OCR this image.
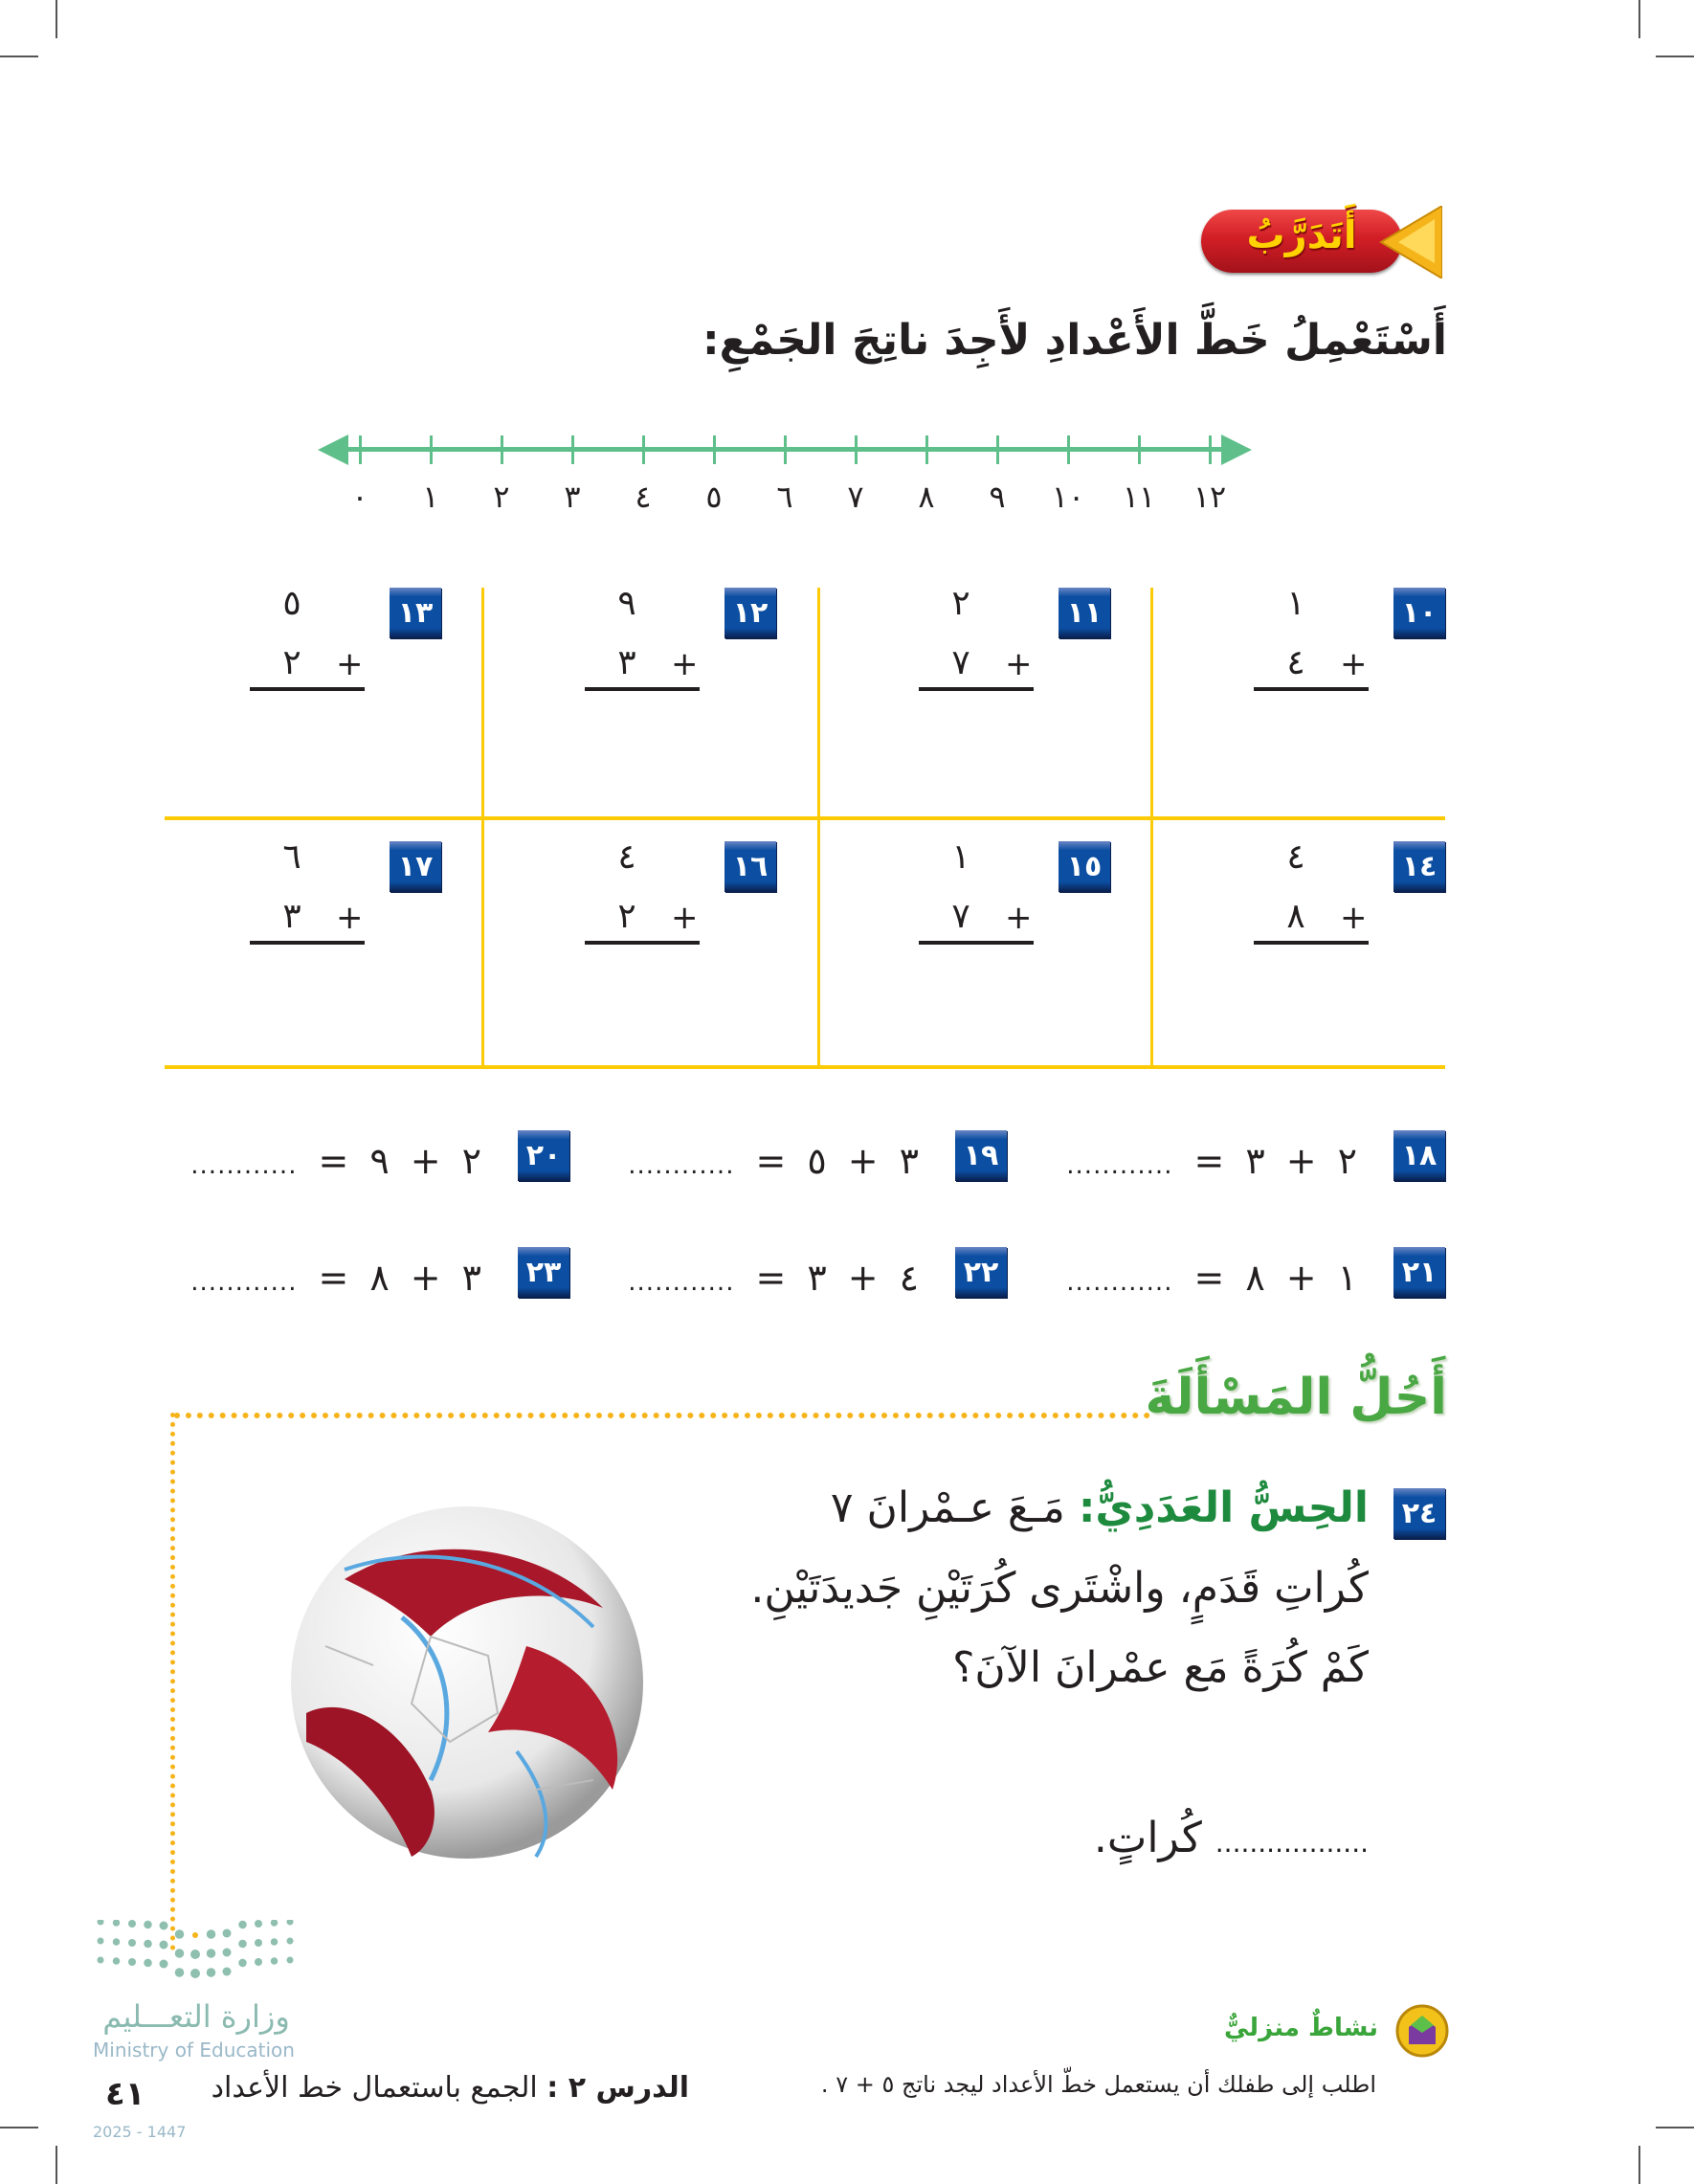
أَتَدَرَّبُ
أَسْتَعْمِلُ خَطَّ الأَعْدادِ لأَجِدَ ناتِجَ الجَمْعِ:
٠	١	٢	٣	٤	٥	٦	٧	٨	٩	١٠	١١	١٢
١٠
١
+
٤
١١
٢
+
٧
١٢
٩
+
٣
١٣
٥
+
٢
١٤
٤
+
٨
١٥
١
+
٧
١٦
٤
+
٢
١٧
٦
+
٣
١٨
٢
+
٣
=
............
١٩
٣
+
٥
=
............
٢٠
٢
+
٩
=
............
٢١
١
+
٨
=
............
٢٢
٤
+
٣
=
............
٢٣
٣
+
٨
=
............
أَحُلُّ المَسْأَلَةَ
٢٤
الحِسُّ العَدَدِيُّ: مَـعَ عـمْرانَ ٧
كُراتِ قَدَمٍ، واشْتَرى كُرَتَيْنِ جَديدَتَيْنِ.
كَمْ كُرَةً مَع عمْرانَ الآنَ؟
.................. كُراتٍ.
وزارة التعـــليم
Ministry of Education
2025 - 1447
٤١	الدرس ٢ : الجمع باستعمال خط الأعداد
نشاطٌ منزليٌّ
اطلب إلى طفلك أن يستعمل خطّ الأعداد ليجد ناتج ٥ + ٧ .
